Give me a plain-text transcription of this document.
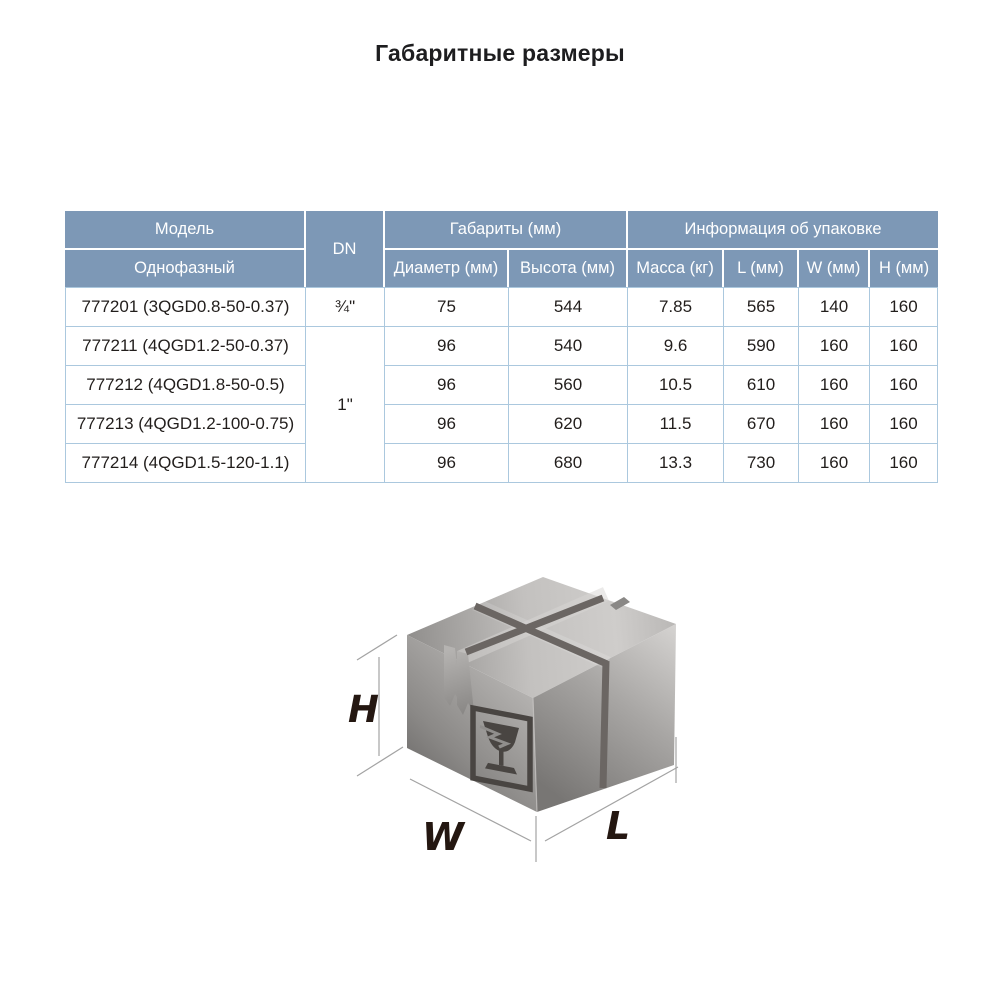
Габаритные размеры
Модель	DN	Габариты (мм)		Информация об упаковке			
Однофазный		Диаметр (мм)	Высота (мм)	Масса (кг)	L (мм)	W (мм)	H (мм)
777201 (3QGD0.8-50-0.37)	¾"	75	544	7.85	565	140	160
777211 (4QGD1.2-50-0.37)	1"	96	540	9.6	590	160	160
777212 (4QGD1.8-50-0.5)		96	560	10.5	610	160	160
777213 (4QGD1.2-100-0.75)		96	620	11.5	670	160	160
777214 (4QGD1.5-120-1.1)		96	680	13.3	730	160	160
H
W	L
